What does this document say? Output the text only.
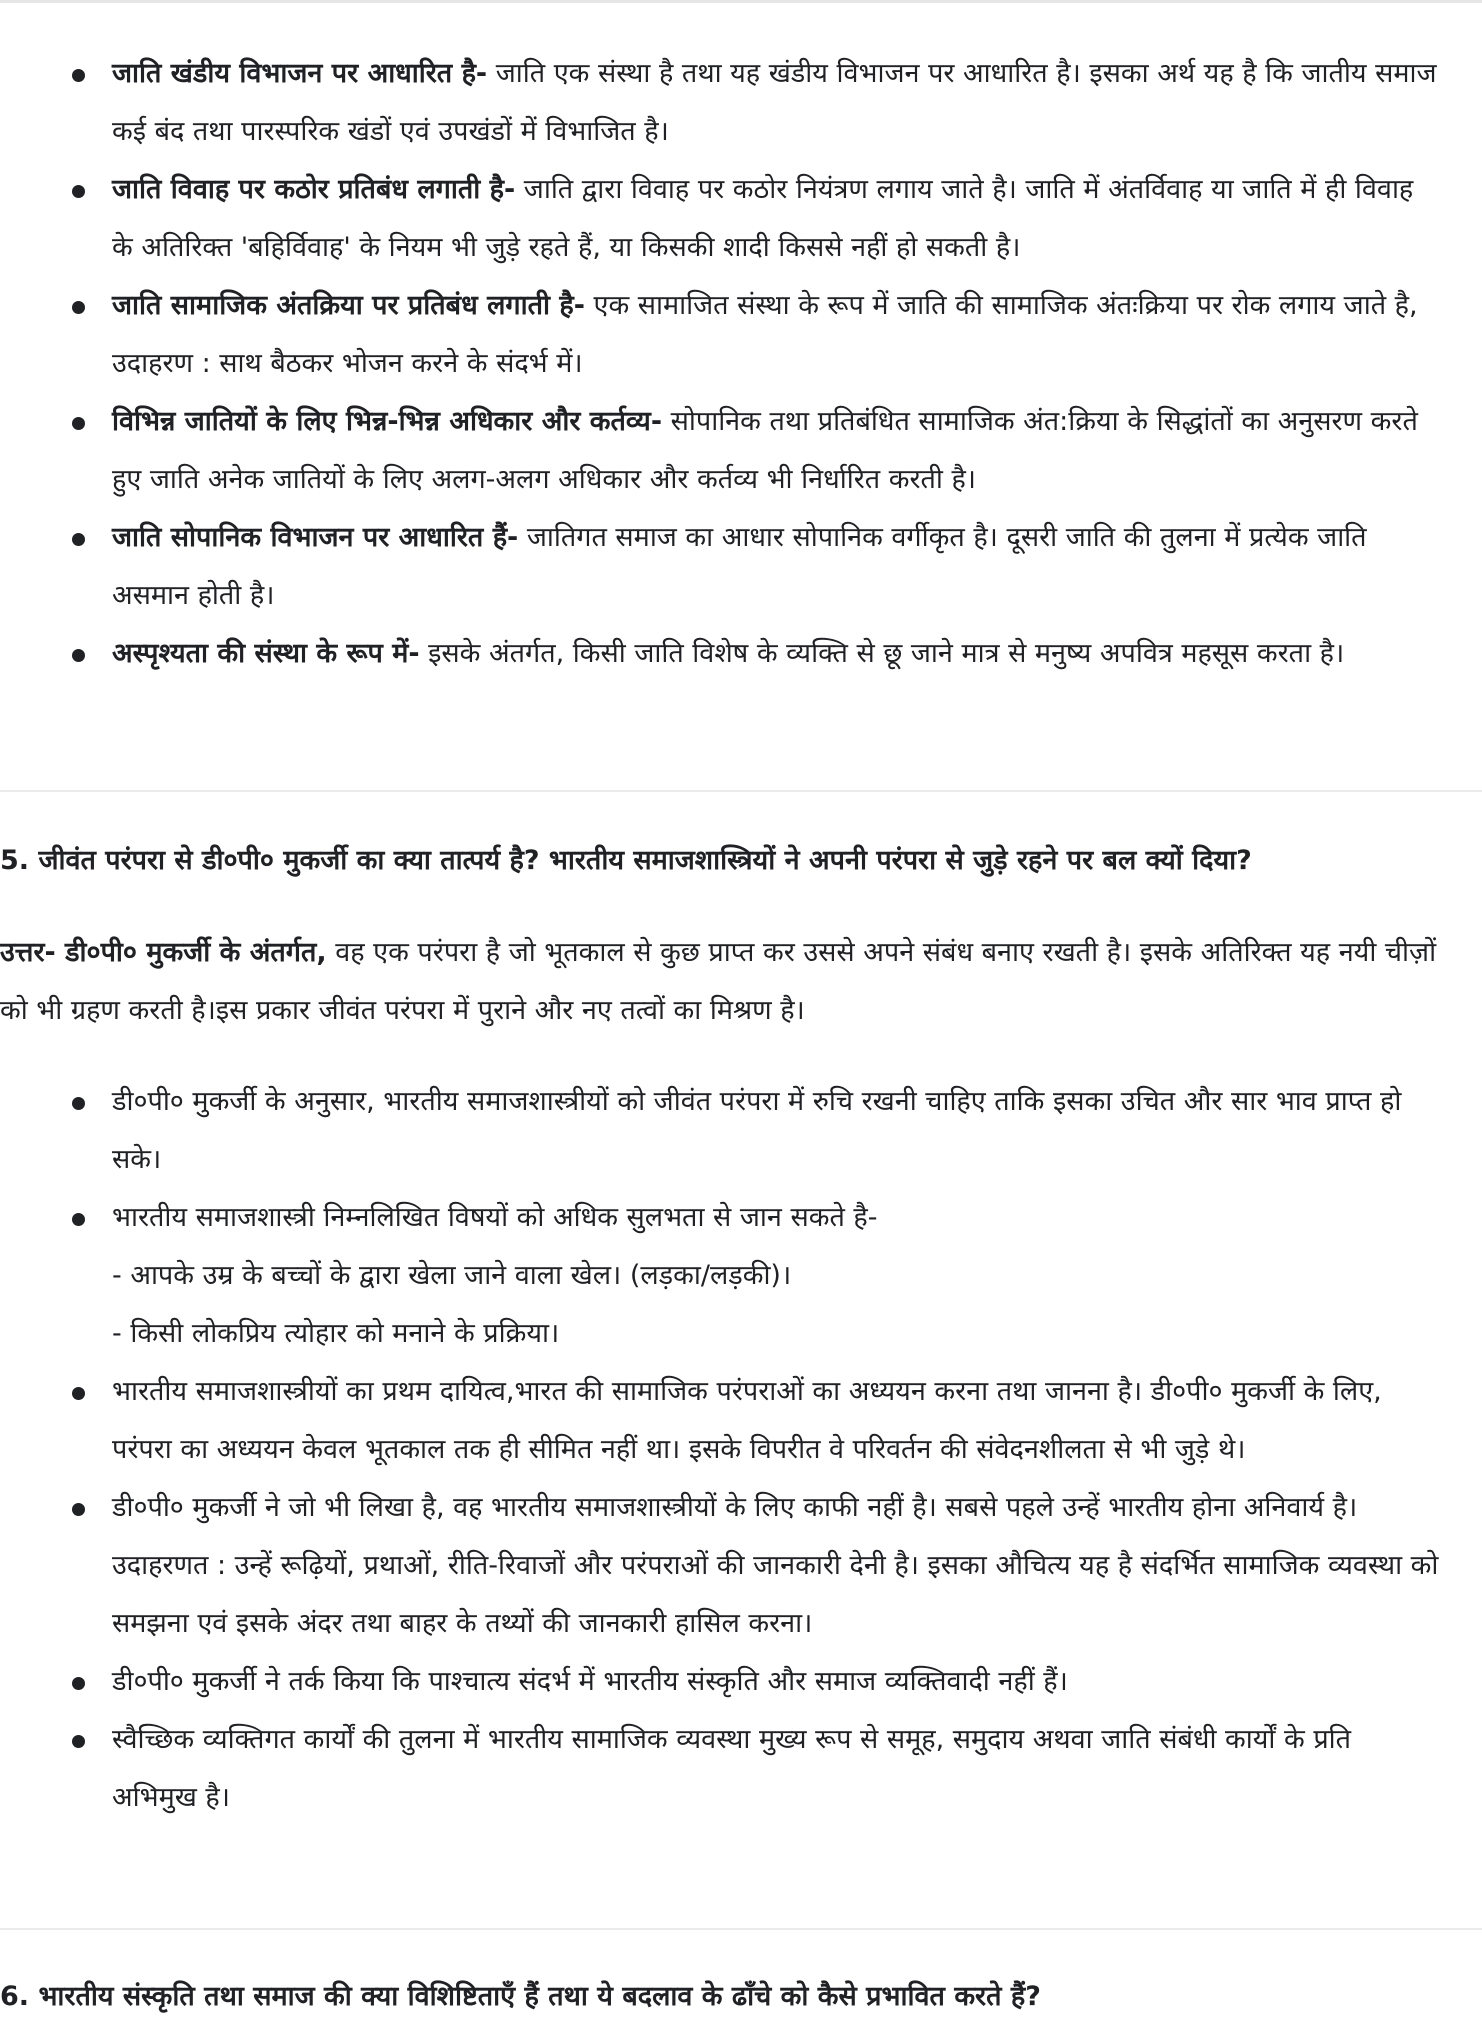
जाति खंडीय विभाजन पर आधारित है- जाति एक संस्था है तथा यह खंडीय विभाजन पर आधारित है। इसका अर्थ यह है कि जातीय समाज कई बंद तथा पारस्परिक खंडों एवं उपखंडों में विभाजित है।
जाति विवाह पर कठोर प्रतिबंध लगाती है- जाति द्वारा विवाह पर कठोर नियंत्रण लगाय जाते है। जाति में अंतर्विवाह या जाति में ही विवाह के अतिरिक्त 'बहिर्विवाह' के नियम भी जुड़े रहते हैं, या किसकी शादी किससे नहीं हो सकती है।
जाति सामाजिक अंतक्रिया पर प्रतिबंध लगाती है- एक सामाजित संस्था के रूप में जाति की सामाजिक अंतःक्रिया पर रोक लगाय जाते है, उदाहरण : साथ बैठकर भोजन करने के संदर्भ में।
विभिन्न जातियों के लिए भिन्न-भिन्न अधिकार और कर्तव्य- सोपानिक तथा प्रतिबंधित सामाजिक अंत:क्रिया के सिद्धांतों का अनुसरण करते हुए जाति अनेक जातियों के लिए अलग-अलग अधिकार और कर्तव्य भी निर्धारित करती है।
जाति सोपानिक विभाजन पर आधारित हैं- जातिगत समाज का आधार सोपानिक वर्गीकृत है। दूसरी जाति की तुलना में प्रत्येक जाति असमान होती है।
अस्पृश्यता की संस्था के रूप में- इसके अंतर्गत, किसी जाति विशेष के व्यक्ति से छू जाने मात्र से मनुष्य अपवित्र महसूस करता है।
5. जीवंत परंपरा से डी०पी० मुकर्जी का क्या तात्पर्य है? भारतीय समाजशास्त्रियों ने अपनी परंपरा से जुड़े रहने पर बल क्यों दिया?

उत्तर- डी०पी० मुकर्जी के अंतर्गत, वह एक परंपरा है जो भूतकाल से कुछ प्राप्त कर उससे अपने संबंध बनाए रखती है। इसके अतिरिक्त यह नयी चीज़ों को भी ग्रहण करती है।इस प्रकार जीवंत परंपरा में पुराने और नए तत्वों का मिश्रण है।

डी०पी० मुकर्जी के अनुसार, भारतीय समाजशास्त्रीयों को जीवंत परंपरा में रुचि रखनी चाहिए ताकि इसका उचित और सार भाव प्राप्त हो सके।
भारतीय समाजशास्त्री निम्नलिखित विषयों को अधिक सुलभता से जान सकते है-
- आपके उम्र के बच्चों के द्वारा खेला जाने वाला खेल। (लड़का/लड़की)।
- किसी लोकप्रिय त्योहार को मनाने के प्रक्रिया।
भारतीय समाजशास्त्रीयों का प्रथम दायित्व,भारत की सामाजिक परंपराओं का अध्ययन करना तथा जानना है। डी०पी० मुकर्जी के लिए, परंपरा का अध्ययन केवल भूतकाल तक ही सीमित नहीं था। इसके विपरीत वे परिवर्तन की संवेदनशीलता से भी जुड़े थे।
डी०पी० मुकर्जी ने जो भी लिखा है, वह भारतीय समाजशास्त्रीयों के लिए काफी नहीं है। सबसे पहले उन्हें भारतीय होना अनिवार्य है। उदाहरणत : उन्हें रूढ़ियों, प्रथाओं, रीति-रिवाजों और परंपराओं की जानकारी देनी है। इसका औचित्य यह है संदर्भित सामाजिक व्यवस्था को समझना एवं इसके अंदर तथा बाहर के तथ्यों की जानकारी हासिल करना।
डी०पी० मुकर्जी ने तर्क किया कि पाश्चात्य संदर्भ में भारतीय संस्कृति और समाज व्यक्तिवादी नहीं हैं।
स्वैच्छिक व्यक्तिगत कार्यों की तुलना में भारतीय सामाजिक व्यवस्था मुख्य रूप से समूह, समुदाय अथवा जाति संबंधी कार्यों के प्रति अभिमुख है।
6. भारतीय संस्कृति तथा समाज की क्या विशिष्टिताएँ हैं तथा ये बदलाव के ढाँचे को कैसे प्रभावित करते हैं?
